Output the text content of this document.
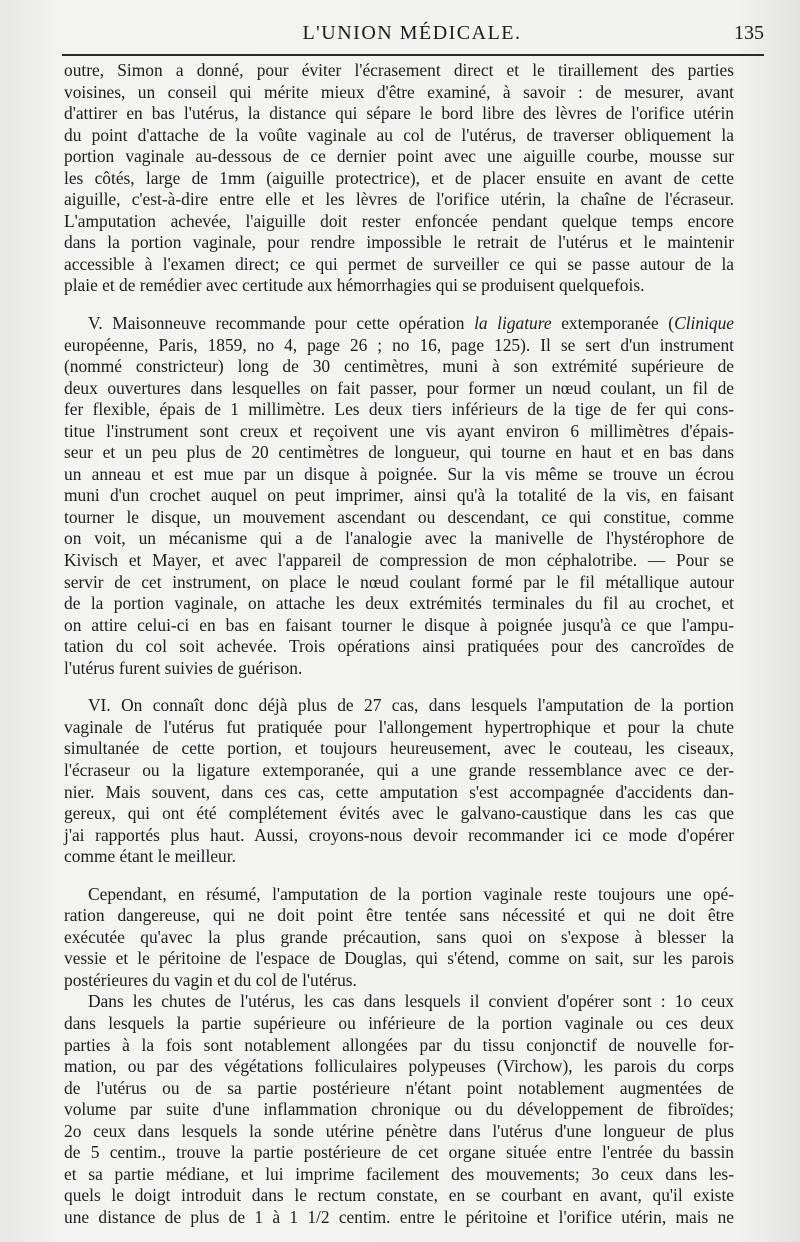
L'UNION MÉDICALE.	135
outre, Simon a donné, pour éviter l'écrasement direct et le tiraillement des parties
voisines, un conseil qui mérite mieux d'être examiné, à savoir : de mesurer, avant
d'attirer en bas l'utérus, la distance qui sépare le bord libre des lèvres de l'orifice utérin
du point d'attache de la voûte vaginale au col de l'utérus, de traverser obliquement la
portion vaginale au-dessous de ce dernier point avec une aiguille courbe, mousse sur
les côtés, large de 1mm (aiguille protectrice), et de placer ensuite en avant de cette
aiguille, c'est-à-dire entre elle et les lèvres de l'orifice utérin, la chaîne de l'écraseur.
L'amputation achevée, l'aiguille doit rester enfoncée pendant quelque temps encore
dans la portion vaginale, pour rendre impossible le retrait de l'utérus et le maintenir
accessible à l'examen direct; ce qui permet de surveiller ce qui se passe autour de la
plaie et de remédier avec certitude aux hémorrhagies qui se produisent quelquefois.
V. Maisonneuve recommande pour cette opération la ligature extemporanée (Clinique
européenne, Paris, 1859, no 4, page 26 ; no 16, page 125). Il se sert d'un instrument
(nommé constricteur) long de 30 centimètres, muni à son extrémité supérieure de
deux ouvertures dans lesquelles on fait passer, pour former un nœud coulant, un fil de
fer flexible, épais de 1 millimètre. Les deux tiers inférieurs de la tige de fer qui cons-
titue l'instrument sont creux et reçoivent une vis ayant environ 6 millimètres d'épais-
seur et un peu plus de 20 centimètres de longueur, qui tourne en haut et en bas dans
un anneau et est mue par un disque à poignée. Sur la vis même se trouve un écrou
muni d'un crochet auquel on peut imprimer, ainsi qu'à la totalité de la vis, en faisant
tourner le disque, un mouvement ascendant ou descendant, ce qui constitue, comme
on voit, un mécanisme qui a de l'analogie avec la manivelle de l'hystérophore de
Kivisch et Mayer, et avec l'appareil de compression de mon céphalotribe. — Pour se
servir de cet instrument, on place le nœud coulant formé par le fil métallique autour
de la portion vaginale, on attache les deux extrémités terminales du fil au crochet, et
on attire celui-ci en bas en faisant tourner le disque à poignée jusqu'à ce que l'ampu-
tation du col soit achevée. Trois opérations ainsi pratiquées pour des cancroïdes de
l'utérus furent suivies de guérison.
VI. On connaît donc déjà plus de 27 cas, dans lesquels l'amputation de la portion
vaginale de l'utérus fut pratiquée pour l'allongement hypertrophique et pour la chute
simultanée de cette portion, et toujours heureusement, avec le couteau, les ciseaux,
l'écraseur ou la ligature extemporanée, qui a une grande ressemblance avec ce der-
nier. Mais souvent, dans ces cas, cette amputation s'est accompagnée d'accidents dan-
gereux, qui ont été complétement évités avec le galvano-caustique dans les cas que
j'ai rapportés plus haut. Aussi, croyons-nous devoir recommander ici ce mode d'opérer
comme étant le meilleur.
Cependant, en résumé, l'amputation de la portion vaginale reste toujours une opé-
ration dangereuse, qui ne doit point être tentée sans nécessité et qui ne doit être
exécutée qu'avec la plus grande précaution, sans quoi on s'expose à blesser la
vessie et le péritoine de l'espace de Douglas, qui s'étend, comme on sait, sur les parois
postérieures du vagin et du col de l'utérus.
Dans les chutes de l'utérus, les cas dans lesquels il convient d'opérer sont : 1o ceux
dans lesquels la partie supérieure ou inférieure de la portion vaginale ou ces deux
parties à la fois sont notablement allongées par du tissu conjonctif de nouvelle for-
mation, ou par des végétations folliculaires polypeuses (Virchow), les parois du corps
de l'utérus ou de sa partie postérieure n'étant point notablement augmentées de
volume par suite d'une inflammation chronique ou du développement de fibroïdes;
2o ceux dans lesquels la sonde utérine pénètre dans l'utérus d'une longueur de plus
de 5 centim., trouve la partie postérieure de cet organe située entre l'entrée du bassin
et sa partie médiane, et lui imprime facilement des mouvements; 3o ceux dans les-
quels le doigt introduit dans le rectum constate, en se courbant en avant, qu'il existe
une distance de plus de 1 à 1 1/2 centim. entre le péritoine et l'orifice utérin, mais ne
